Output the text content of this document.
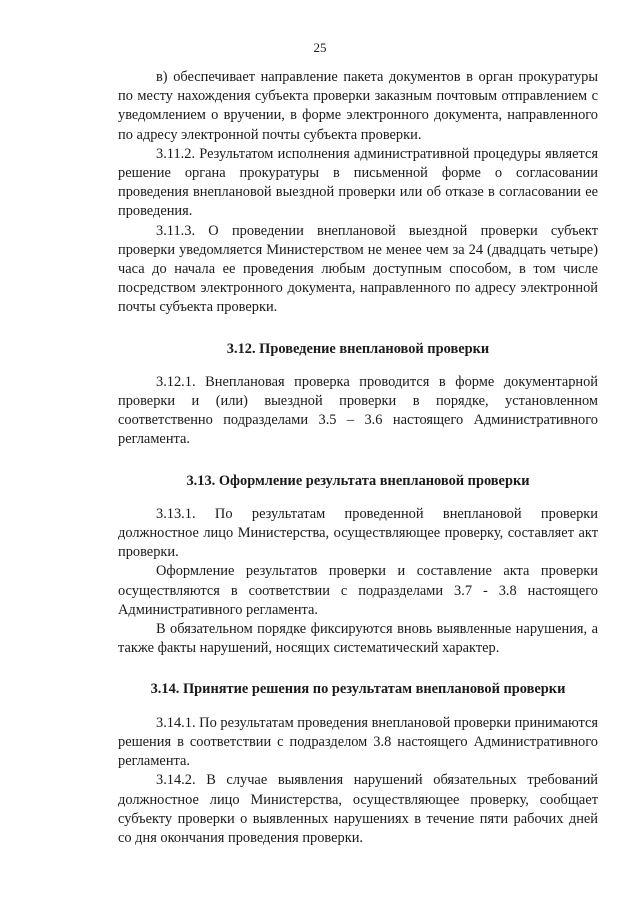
25

в) обеспечивает направление пакета документов в орган прокуратуры по месту нахождения субъекта проверки заказным почтовым отправлением с уведомлением о вручении, в форме электронного документа, направленного по адресу электронной почты субъекта проверки.

3.11.2. Результатом исполнения административной процедуры является решение органа прокуратуры в письменной форме о согласовании проведения внеплановой выездной проверки или об отказе в согласовании ее проведения.

3.11.3. О проведении внеплановой выездной проверки субъект проверки уведомляется Министерством не менее чем за 24 (двадцать четыре) часа до начала ее проведения любым доступным способом, в том числе посредством электронного документа, направленного по адресу электронной почты субъекта проверки.

3.12. Проведение внеплановой проверки

3.12.1. Внеплановая проверка проводится в форме документарной проверки и (или) выездной проверки в порядке, установленном соответственно подразделами 3.5 – 3.6 настоящего Административного регламента.

3.13. Оформление результата внеплановой проверки

3.13.1. По результатам проведенной внеплановой проверки должностное лицо Министерства, осуществляющее проверку, составляет акт проверки.

Оформление результатов проверки и составление акта проверки осуществляются в соответствии с подразделами 3.7 - 3.8 настоящего Административного регламента.

В обязательном порядке фиксируются вновь выявленные нарушения, а также факты нарушений, носящих систематический характер.

3.14. Принятие решения по результатам внеплановой проверки

3.14.1. По результатам проведения внеплановой проверки принимаются решения в соответствии с подразделом 3.8 настоящего Административного регламента.

3.14.2. В случае выявления нарушений обязательных требований должностное лицо Министерства, осуществляющее проверку, сообщает субъекту проверки о выявленных нарушениях в течение пяти рабочих дней со дня окончания проведения проверки.
